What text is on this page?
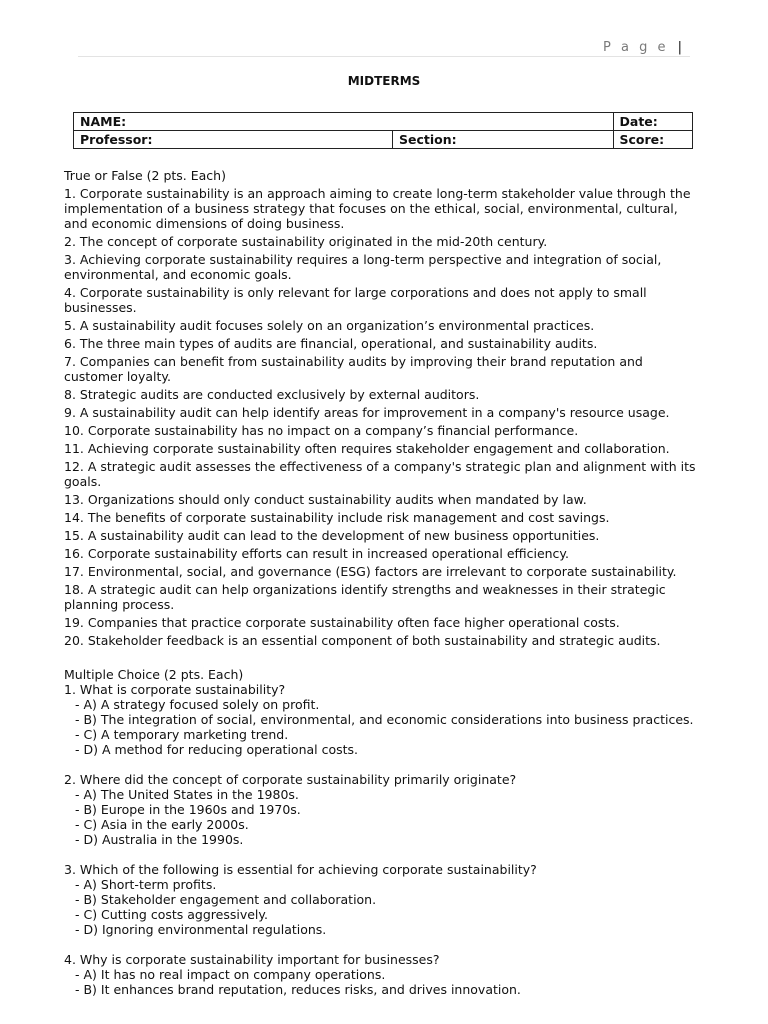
P a g e |
MIDTERMS
NAME:		Date:
Professor:	Section:	Score:
True or False (2 pts. Each)
1. Corporate sustainability is an approach aiming to create long-term stakeholder value through the implementation of a business strategy that focuses on the ethical, social, environmental, cultural, and economic dimensions of doing business.
2. The concept of corporate sustainability originated in the mid-20th century.
3. Achieving corporate sustainability requires a long-term perspective and integration of social, environmental, and economic goals.
4. Corporate sustainability is only relevant for large corporations and does not apply to small businesses.
5. A sustainability audit focuses solely on an organization’s environmental practices.
6. The three main types of audits are financial, operational, and sustainability audits.
7. Companies can benefit from sustainability audits by improving their brand reputation and customer loyalty.
8. Strategic audits are conducted exclusively by external auditors.
9. A sustainability audit can help identify areas for improvement in a company's resource usage.
10. Corporate sustainability has no impact on a company’s financial performance.
11. Achieving corporate sustainability often requires stakeholder engagement and collaboration.
12. A strategic audit assesses the effectiveness of a company's strategic plan and alignment with its goals.
13. Organizations should only conduct sustainability audits when mandated by law.
14. The benefits of corporate sustainability include risk management and cost savings.
15. A sustainability audit can lead to the development of new business opportunities.
16. Corporate sustainability efforts can result in increased operational efficiency.
17. Environmental, social, and governance (ESG) factors are irrelevant to corporate sustainability.
18. A strategic audit can help organizations identify strengths and weaknesses in their strategic planning process.
19. Companies that practice corporate sustainability often face higher operational costs.
20. Stakeholder feedback is an essential component of both sustainability and strategic audits.
Multiple Choice (2 pts. Each)
1. What is corporate sustainability?
- A) A strategy focused solely on profit.
- B) The integration of social, environmental, and economic considerations into business practices.
- C) A temporary marketing trend.
- D) A method for reducing operational costs.
2. Where did the concept of corporate sustainability primarily originate?
- A) The United States in the 1980s.
- B) Europe in the 1960s and 1970s.
- C) Asia in the early 2000s.
- D) Australia in the 1990s.
3. Which of the following is essential for achieving corporate sustainability?
- A) Short-term profits.
- B) Stakeholder engagement and collaboration.
- C) Cutting costs aggressively.
- D) Ignoring environmental regulations.
4. Why is corporate sustainability important for businesses?
- A) It has no real impact on company operations.
- B) It enhances brand reputation, reduces risks, and drives innovation.
